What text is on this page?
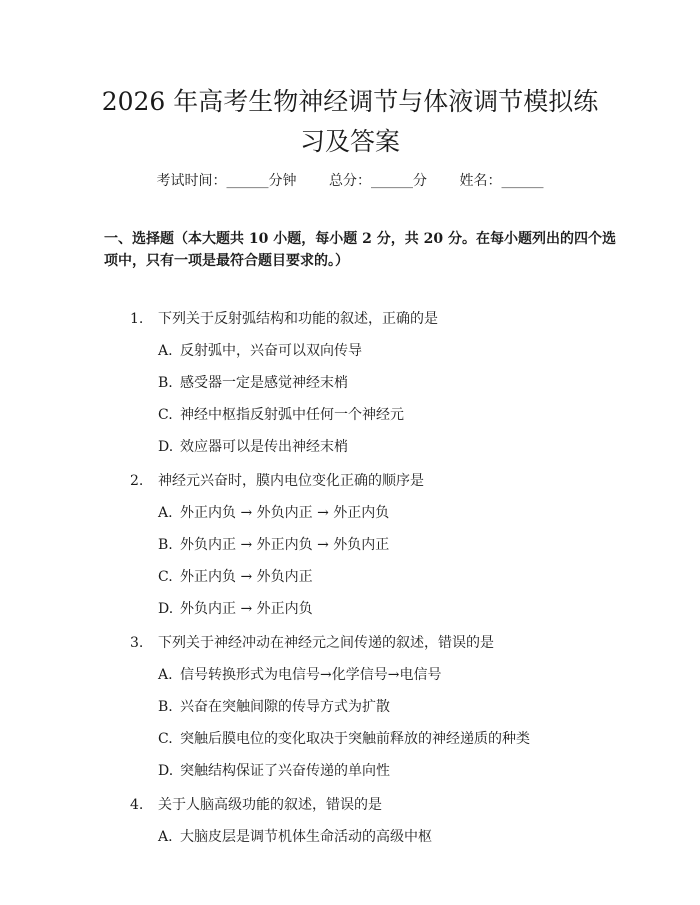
2026 年高考生物神经调节与体液调节模拟练
习及答案
考试时间：______分钟 总分：______分 姓名：______
一、选择题（本大题共 10 小题，每小题 2 分，共 20 分。在每小题列出的四个选
项中，只有一项是最符合题目要求的。）
1. 下列关于反射弧结构和功能的叙述，正确的是
A. 反射弧中，兴奋可以双向传导
B. 感受器一定是感觉神经末梢
C. 神经中枢指反射弧中任何一个神经元
D. 效应器可以是传出神经末梢
2. 神经元兴奋时，膜内电位变化正确的顺序是
A. 外正内负 → 外负内正 → 外正内负
B. 外负内正 → 外正内负 → 外负内正
C. 外正内负 → 外负内正
D. 外负内正 → 外正内负
3. 下列关于神经冲动在神经元之间传递的叙述，错误的是
A. 信号转换形式为电信号→化学信号→电信号
B. 兴奋在突触间隙的传导方式为扩散
C. 突触后膜电位的变化取决于突触前释放的神经递质的种类
D. 突触结构保证了兴奋传递的单向性
4. 关于人脑高级功能的叙述，错误的是
A. 大脑皮层是调节机体生命活动的高级中枢
